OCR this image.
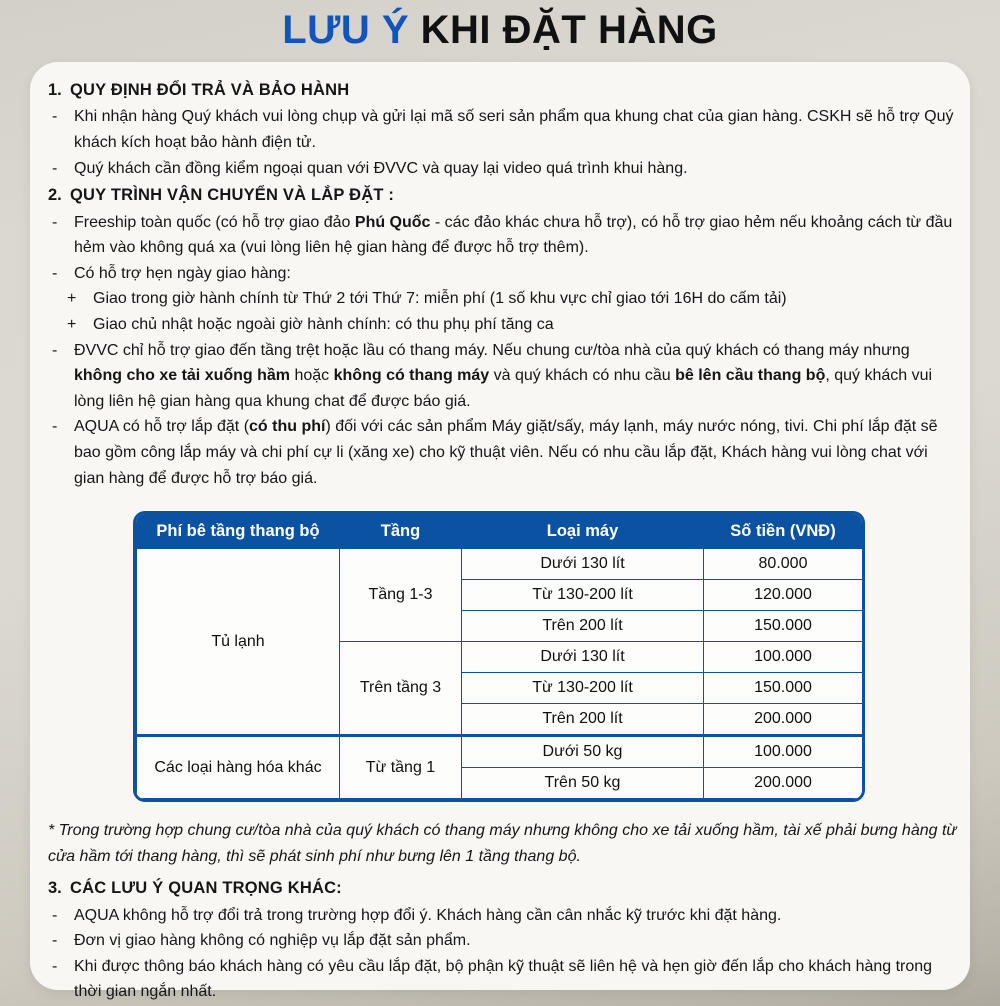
LƯU Ý KHI ĐẶT HÀNG
1. QUY ĐỊNH ĐỔI TRẢ VÀ BẢO HÀNH
-	Khi nhận hàng Quý khách vui lòng chụp và gửi lại mã số seri sản phẩm qua khung chat của gian hàng. CSKH sẽ hỗ trợ Quý khách kích hoạt bảo hành điện tử.
-	Quý khách cần đồng kiểm ngoại quan với ĐVVC và quay lại video quá trình khui hàng.
2. QUY TRÌNH VẬN CHUYỂN VÀ LẮP ĐẶT :
-	Freeship toàn quốc (có hỗ trợ giao đảo Phú Quốc - các đảo khác chưa hỗ trợ), có hỗ trợ giao hẻm nếu khoảng cách từ đầu hẻm vào không quá xa (vui lòng liên hệ gian hàng để được hỗ trợ thêm).
-	Có hỗ trợ hẹn ngày giao hàng:
+	Giao trong giờ hành chính từ Thứ 2 tới Thứ 7: miễn phí (1 số khu vực chỉ giao tới 16H do cấm tải)
+	Giao chủ nhật hoặc ngoài giờ hành chính: có thu phụ phí tăng ca
-	ĐVVC chỉ hỗ trợ giao đến tầng trệt hoặc lầu có thang máy. Nếu chung cư/tòa nhà của quý khách có thang máy nhưng không cho xe tải xuống hầm hoặc không có thang máy và quý khách có nhu cầu bê lên cầu thang bộ, quý khách vui lòng liên hệ gian hàng qua khung chat để được báo giá.
-	AQUA có hỗ trợ lắp đặt (có thu phí) đối với các sản phẩm Máy giặt/sấy, máy lạnh, máy nước nóng, tivi. Chi phí lắp đặt sẽ bao gồm công lắp máy và chi phí cự li (xăng xe) cho kỹ thuật viên. Nếu có nhu cầu lắp đặt, Khách hàng vui lòng chat với gian hàng để được hỗ trợ báo giá.
Phí bê tầng thang bộ	Tầng	Loại máy	Số tiền (VNĐ)
Tủ lạnh	Tầng 1-3	Dưới 130 lít	80.000
		Từ 130-200 lít	120.000
		Trên 200 lít	150.000
	Trên tầng 3	Dưới 130 lít	100.000
		Từ 130-200 lít	150.000
		Trên 200 lít	200.000
Các loại hàng hóa khác	Từ tầng 1	Dưới 50 kg	100.000
		Trên 50 kg	200.000

* Trong trường hợp chung cư/tòa nhà của quý khách có thang máy nhưng không cho xe tải xuống hầm, tài xế phải bưng hàng từ cửa hầm tới thang hàng, thì sẽ phát sinh phí như bưng lên 1 tầng thang bộ.

3. CÁC LƯU Ý QUAN TRỌNG KHÁC:
-	AQUA không hỗ trợ đổi trả trong trường hợp đổi ý. Khách hàng cần cân nhắc kỹ trước khi đặt hàng.
-	Đơn vị giao hàng không có nghiệp vụ lắp đặt sản phẩm.
-	Khi được thông báo khách hàng có yêu cầu lắp đặt, bộ phận kỹ thuật sẽ liên hệ và hẹn giờ đến lắp cho khách hàng trong thời gian ngắn nhất.
